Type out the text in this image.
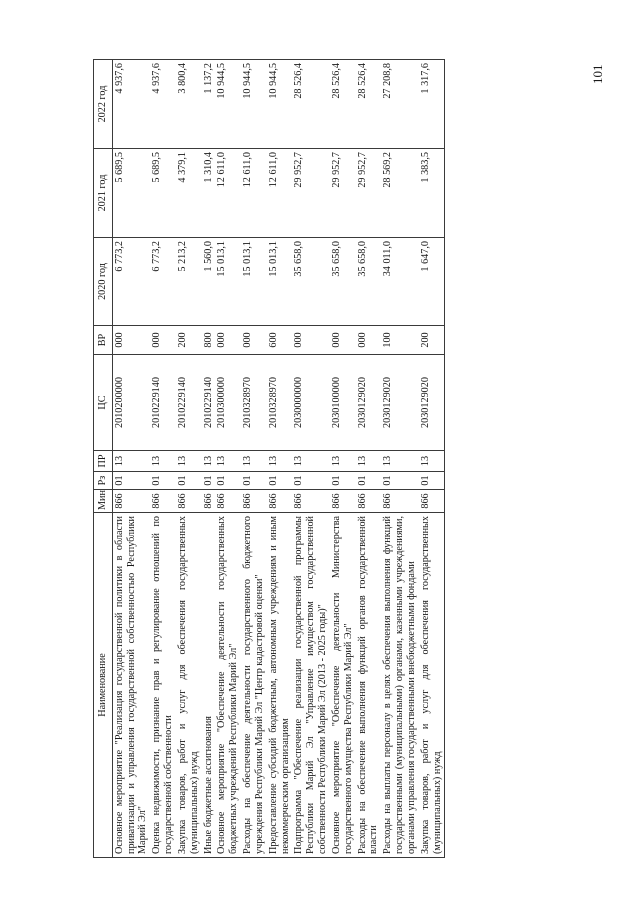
101
Наименование	Мин	Рз	ПР	ЦС	ВР	2020 год	2021 год	2022 год
Основное мероприятие "Реализация государственной политики в области приватизации и управления государственной собственностью Республики Марий Эл"	866	01	13	2010200000	000	6 773,2	5 689,5	4 937,6
Оценка недвижимости, признание прав и регулирование отношений по государственной собственности	866	01	13	2010229140	000	6 773,2	5 689,5	4 937,6
Закупка товаров, работ и услуг для обеспечения государственных (муниципальных) нужд	866	01	13	2010229140	200	5 213,2	4 379,1	3 800,4
Иные бюджетные ассигнования	866	01	13	2010229140	800	1 560,0	1 310,4	1 137,2
Основное мероприятие "Обеспечение деятельности государственных бюджетных учреждений Республики Марий Эл"	866	01	13	2010300000	000	15 013,1	12 611,0	10 944,5
Расходы на обеспечение деятельности государственного бюджетного учреждения Республики Марий Эл "Центр кадастровой оценки"	866	01	13	2010328970	000	15 013,1	12 611,0	10 944,5
Предоставление субсидий бюджетным, автономным учреждениям и иным некоммерческим организациям	866	01	13	2010328970	600	15 013,1	12 611,0	10 944,5
Подпрограмма "Обеспечение реализации государственной программы Республики Марий Эл "Управление имуществом государственной собственности Республики Марий Эл (2013 - 2025 годы)"	866	01	13	2030000000	000	35 658,0	29 952,7	28 526,4
Основное мероприятие "Обеспечение деятельности Министерства государственного имущества Республики Марий Эл"	866	01	13	2030100000	000	35 658,0	29 952,7	28 526,4
Расходы на обеспечение выполнения функций органов государственной власти	866	01	13	2030129020	000	35 658,0	29 952,7	28 526,4
Расходы на выплаты персоналу в целях обеспечения выполнения функций государственными (муниципальными) органами, казенными учреждениями, органами управления государственными внебюджетными фондами	866	01	13	2030129020	100	34 011,0	28 569,2	27 208,8
Закупка товаров, работ и услуг для обеспечения государственных (муниципальных) нужд	866	01	13	2030129020	200	1 647,0	1 383,5	1 317,6
